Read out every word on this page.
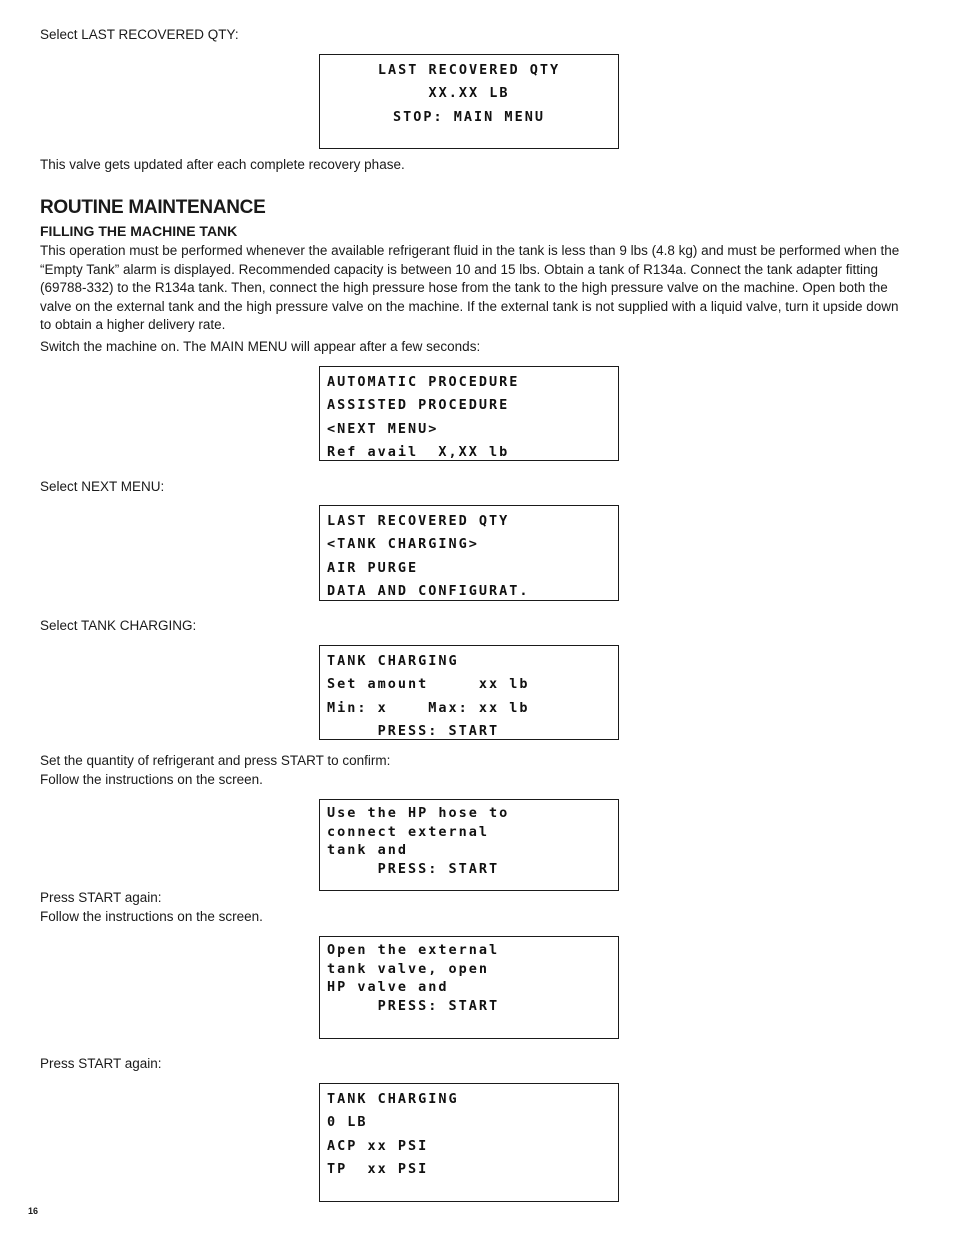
Select LAST RECOVERED QTY:

LAST RECOVERED QTY
XX.XX LB
STOP: MAIN MENU

This valve gets updated after each complete recovery phase.

ROUTINE MAINTENANCE
FILLING THE MACHINE TANK

This operation must be performed whenever the available refrigerant fluid in the tank is less than 9 lbs (4.8 kg) and must be performed when the “Empty Tank” alarm is displayed. Recommended capacity is between 10 and 15 lbs. Obtain a tank of R134a. Connect the tank adapter fitting (69788-332) to the R134a tank. Then, connect the high pressure hose from the tank to the high pressure valve on the machine. Open both the valve on the external tank and the high pressure valve on the machine. If the external tank is not supplied with a liquid valve, turn it upside down to obtain a higher delivery rate.

Switch the machine on. The MAIN MENU will appear after a few seconds:

AUTOMATIC PROCEDURE
ASSISTED PROCEDURE
<NEXT MENU>
Ref avail  X,XX lb

Select NEXT MENU:

LAST RECOVERED QTY
<TANK CHARGING>
AIR PURGE
DATA AND CONFIGURAT.

Select TANK CHARGING:

TANK CHARGING
Set amount     xx lb
Min: x    Max: xx lb
PRESS: START

Set the quantity of refrigerant and press START to confirm:

Follow the instructions on the screen.

Use the HP hose to
connect external
tank and
PRESS: START

Press START again:

Follow the instructions on the screen.

Open the external
tank valve, open
HP valve and
PRESS: START

Press START again:

TANK CHARGING
0 LB
ACP xx PSI
TP  xx PSI
16
